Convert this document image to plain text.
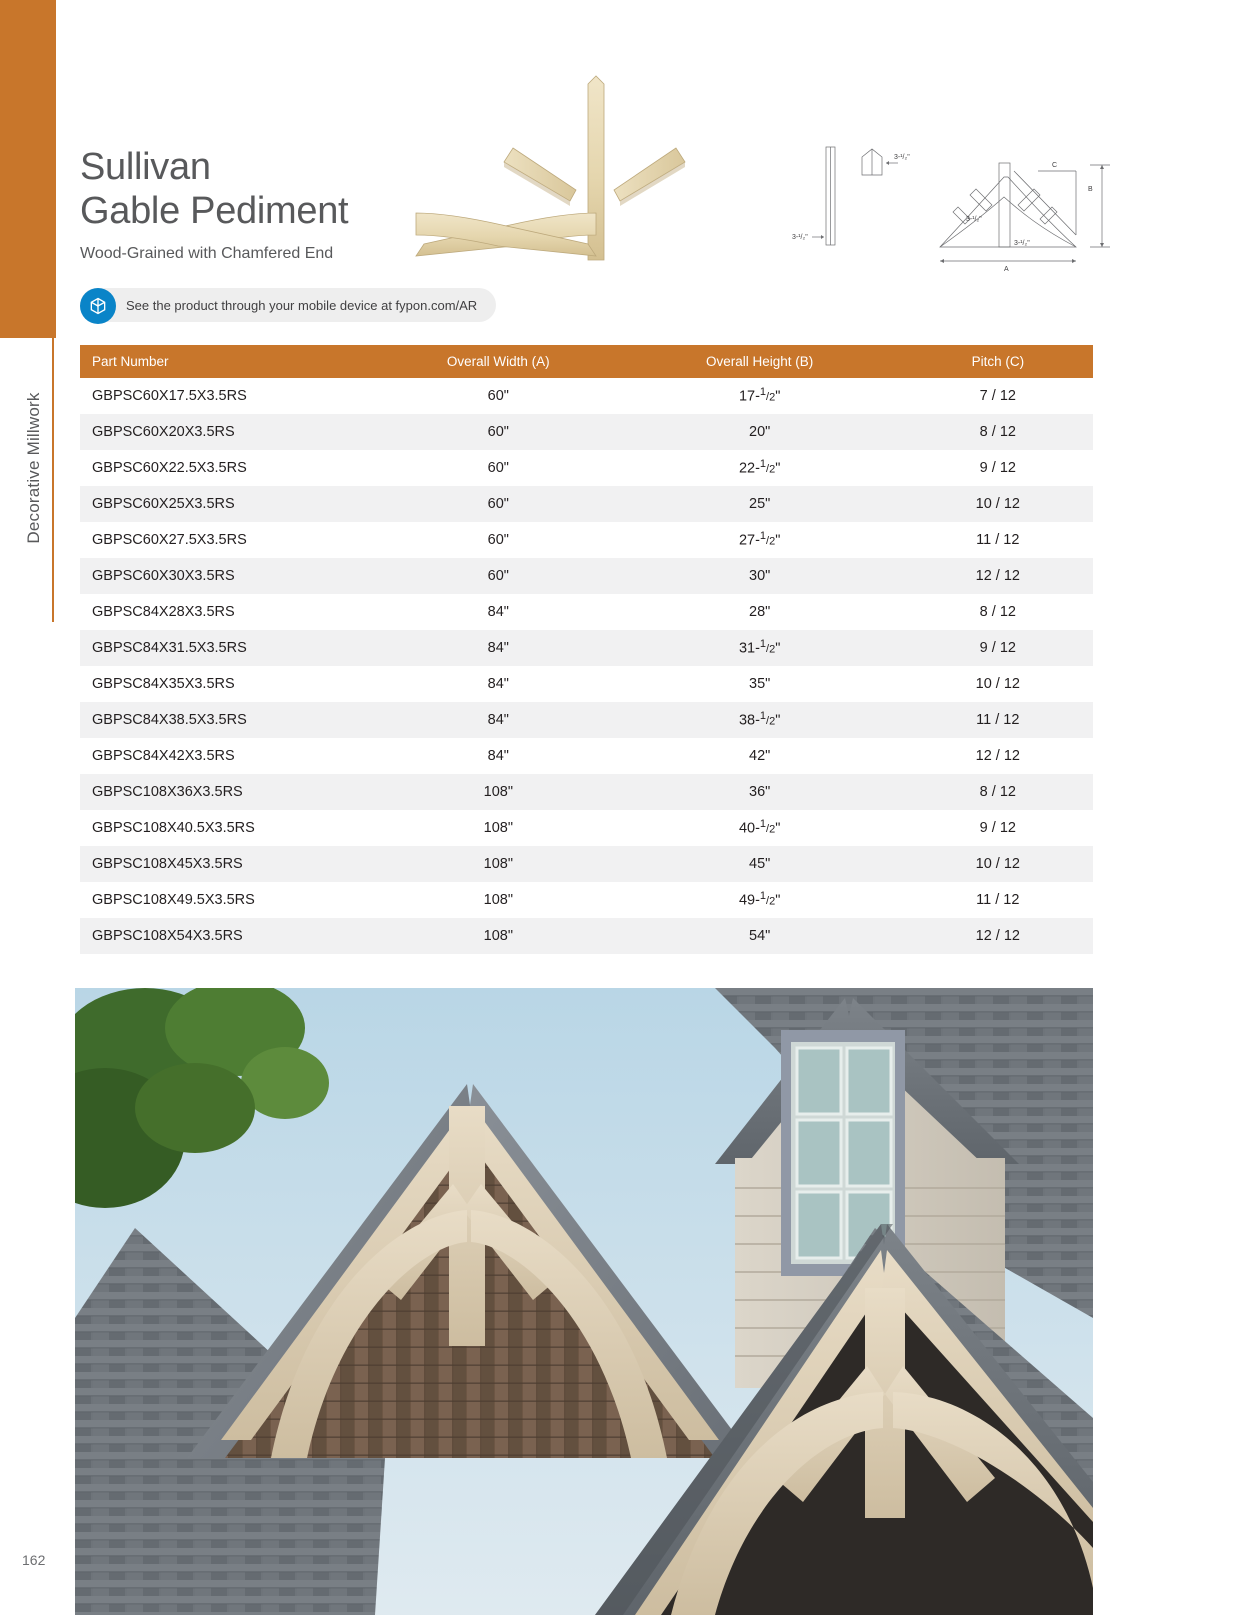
Decorative Millwork
Sullivan
Gable Pediment
Wood-Grained with Chamfered End
3-¹/₂"
3-¹/₂"
3-¹/₂"
3-¹/₂"
A
B
C
See the product through your mobile device at fypon.com/AR
Part Number	Overall Width (A)	Overall Height (B)	Pitch (C)
GBPSC60X17.5X3.5RS	60"	17-1/2"	7 / 12
GBPSC60X20X3.5RS	60"	20"	8 / 12
GBPSC60X22.5X3.5RS	60"	22-1/2"	9 / 12
GBPSC60X25X3.5RS	60"	25"	10 / 12
GBPSC60X27.5X3.5RS	60"	27-1/2"	11 / 12
GBPSC60X30X3.5RS	60"	30"	12 / 12
GBPSC84X28X3.5RS	84"	28"	8 / 12
GBPSC84X31.5X3.5RS	84"	31-1/2"	9 / 12
GBPSC84X35X3.5RS	84"	35"	10 / 12
GBPSC84X38.5X3.5RS	84"	38-1/2"	11 / 12
GBPSC84X42X3.5RS	84"	42"	12 / 12
GBPSC108X36X3.5RS	108"	36"	8 / 12
GBPSC108X40.5X3.5RS	108"	40-1/2"	9 / 12
GBPSC108X45X3.5RS	108"	45"	10 / 12
GBPSC108X49.5X3.5RS	108"	49-1/2"	11 / 12
GBPSC108X54X3.5RS	108"	54"	12 / 12
162
